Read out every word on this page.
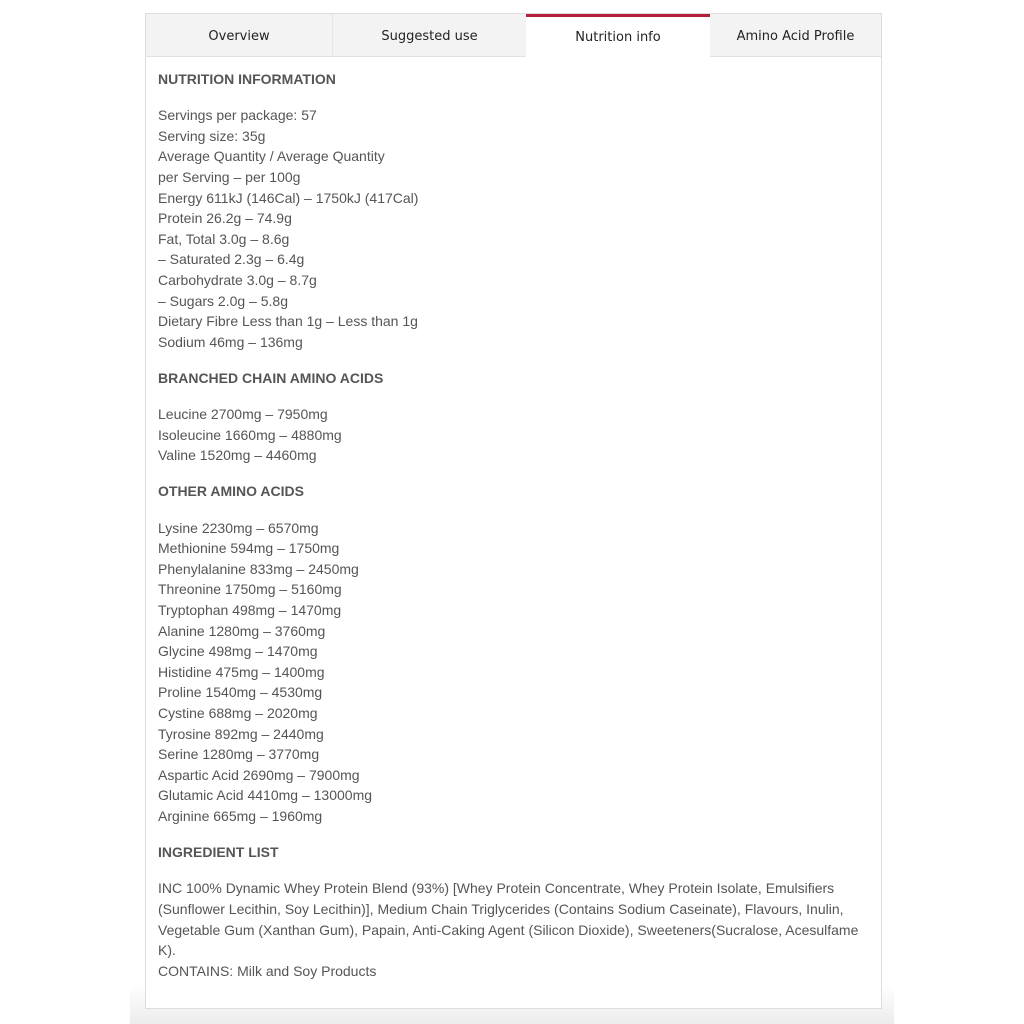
Overview	Suggested use	Nutrition info	Amino Acid Profile
NUTRITION INFORMATION
Servings per package: 57
Serving size: 35g
Average Quantity / Average Quantity
per Serving – per 100g
Energy 611kJ (146Cal) – 1750kJ (417Cal)
Protein 26.2g – 74.9g
Fat, Total 3.0g – 8.6g
– Saturated 2.3g – 6.4g
Carbohydrate 3.0g – 8.7g
– Sugars 2.0g – 5.8g
Dietary Fibre Less than 1g – Less than 1g
Sodium 46mg – 136mg
BRANCHED CHAIN AMINO ACIDS
Leucine 2700mg – 7950mg
Isoleucine 1660mg – 4880mg
Valine 1520mg – 4460mg
OTHER AMINO ACIDS
Lysine 2230mg – 6570mg
Methionine 594mg – 1750mg
Phenylalanine 833mg – 2450mg
Threonine 1750mg – 5160mg
Tryptophan 498mg – 1470mg
Alanine 1280mg – 3760mg
Glycine 498mg – 1470mg
Histidine 475mg – 1400mg
Proline 1540mg – 4530mg
Cystine 688mg – 2020mg
Tyrosine 892mg – 2440mg
Serine 1280mg – 3770mg
Aspartic Acid 2690mg – 7900mg
Glutamic Acid 4410mg – 13000mg
Arginine 665mg – 1960mg
INGREDIENT LIST
INC 100% Dynamic Whey Protein Blend (93%) [Whey Protein Concentrate, Whey Protein Isolate, Emulsifiers (Sunflower Lecithin, Soy Lecithin)], Medium Chain Triglycerides (Contains Sodium Caseinate), Flavours, Inulin, Vegetable Gum (Xanthan Gum), Papain, Anti-Caking Agent (Silicon Dioxide), Sweeteners(Sucralose, Acesulfame K).
CONTAINS: Milk and Soy Products
